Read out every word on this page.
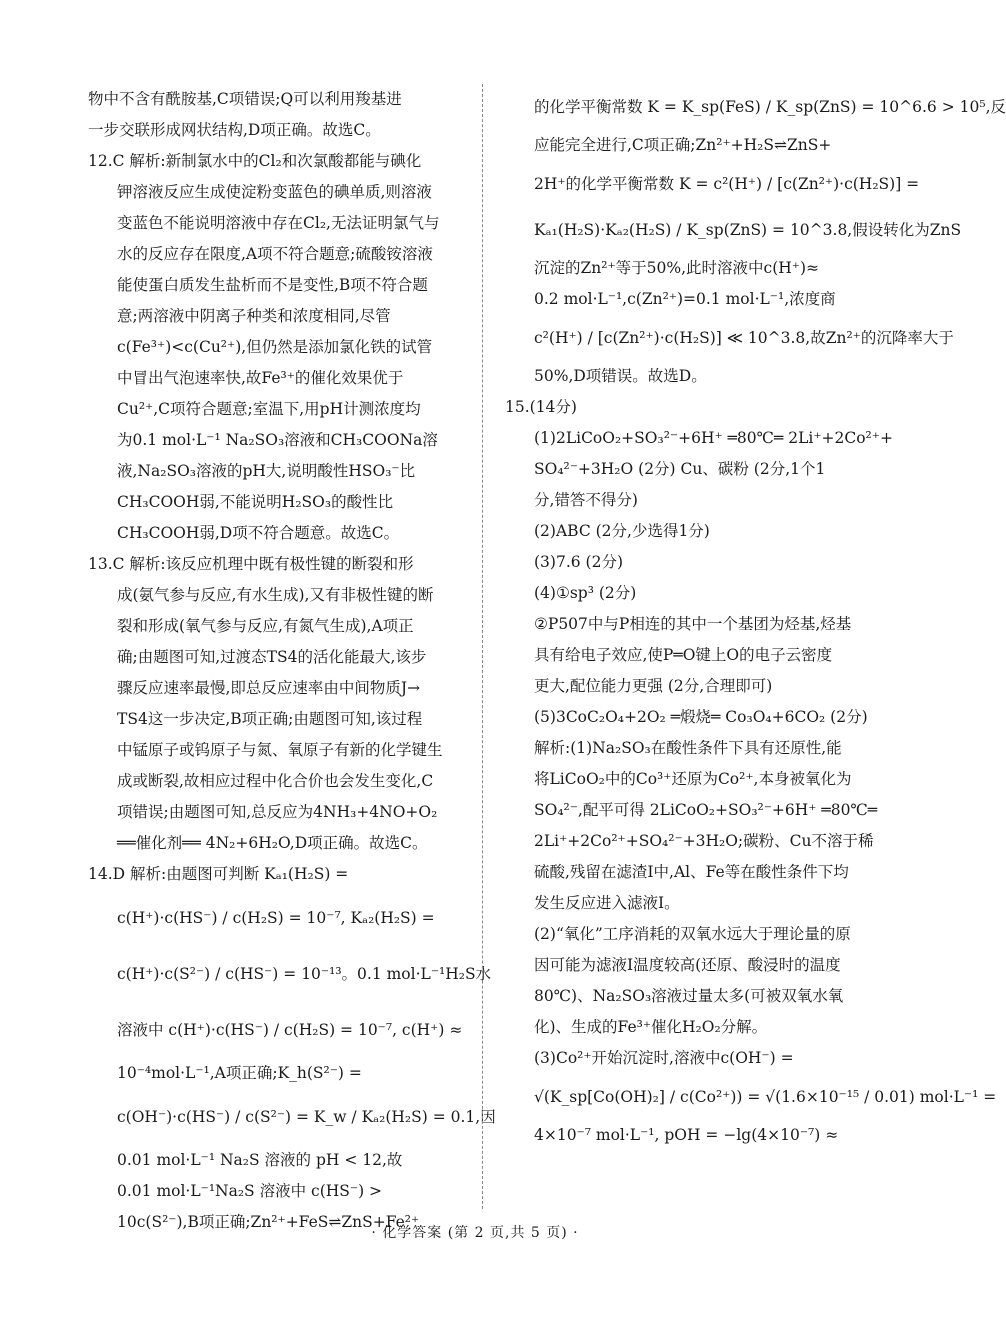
物中不含有酰胺基,C项错误;Q可以利用羧基进
一步交联形成网状结构,D项正确。故选C。
12.C 解析:新制氯水中的Cl₂和次氯酸都能与碘化
钾溶液反应生成使淀粉变蓝色的碘单质,则溶液
变蓝色不能说明溶液中存在Cl₂,无法证明氯气与
水的反应存在限度,A项不符合题意;硫酸铵溶液
能使蛋白质发生盐析而不是变性,B项不符合题
意;两溶液中阴离子种类和浓度相同,尽管
c(Fe³⁺)<c(Cu²⁺),但仍然是添加氯化铁的试管
中冒出气泡速率快,故Fe³⁺的催化效果优于
Cu²⁺,C项符合题意;室温下,用pH计测浓度均
为0.1 mol·L⁻¹ Na₂SO₃溶液和CH₃COONa溶
液,Na₂SO₃溶液的pH大,说明酸性HSO₃⁻比
CH₃COOH弱,不能说明H₂SO₃的酸性比
CH₃COOH弱,D项不符合题意。故选C。
13.C 解析:该反应机理中既有极性键的断裂和形
成(氨气参与反应,有水生成),又有非极性键的断
裂和形成(氧气参与反应,有氮气生成),A项正
确;由题图可知,过渡态TS4的活化能最大,该步
骤反应速率最慢,即总反应速率由中间物质J→
TS4这一步决定,B项正确;由题图可知,该过程
中锰原子或钨原子与氮、氧原子有新的化学键生
成或断裂,故相应过程中化合价也会发生变化,C
项错误;由题图可知,总反应为4NH₃+4NO+O₂
══催化剂══ 4N₂+6H₂O,D项正确。故选C。
14.D 解析:由题图可判断 Kₐ₁(H₂S) =
c(H⁺)·c(HS⁻) / c(H₂S) = 10⁻⁷, Kₐ₂(H₂S) =
c(H⁺)·c(S²⁻) / c(HS⁻) = 10⁻¹³。0.1 mol·L⁻¹H₂S水
溶液中 c(H⁺)·c(HS⁻) / c(H₂S) = 10⁻⁷, c(H⁺) ≈
10⁻⁴mol·L⁻¹,A项正确;K_h(S²⁻) =
c(OH⁻)·c(HS⁻) / c(S²⁻) = K_w / Kₐ₂(H₂S) = 0.1,因
0.01 mol·L⁻¹ Na₂S 溶液的 pH < 12,故
0.01 mol·L⁻¹Na₂S 溶液中 c(HS⁻) >
10c(S²⁻),B项正确;Zn²⁺+FeS⇌ZnS+Fe²⁺
的化学平衡常数 K = K_sp(FeS) / K_sp(ZnS) = 10^6.6 > 10⁵,反
应能完全进行,C项正确;Zn²⁺+H₂S⇌ZnS+
2H⁺的化学平衡常数 K = c²(H⁺) / [c(Zn²⁺)·c(H₂S)] =
Kₐ₁(H₂S)·Kₐ₂(H₂S) / K_sp(ZnS) = 10^3.8,假设转化为ZnS
沉淀的Zn²⁺等于50%,此时溶液中c(H⁺)≈
0.2 mol·L⁻¹,c(Zn²⁺)=0.1 mol·L⁻¹,浓度商
c²(H⁺) / [c(Zn²⁺)·c(H₂S)] ≪ 10^3.8,故Zn²⁺的沉降率大于
50%,D项错误。故选D。
15.(14分)
(1)2LiCoO₂+SO₃²⁻+6H⁺ ═80℃═ 2Li⁺+2Co²⁺+
SO₄²⁻+3H₂O (2分) Cu、碳粉 (2分,1个1
分,错答不得分)
(2)ABC (2分,少选得1分)
(3)7.6 (2分)
(4)①sp³ (2分)
②P507中与P相连的其中一个基团为烃基,烃基
具有给电子效应,使P═O键上O的电子云密度
更大,配位能力更强 (2分,合理即可)
(5)3CoC₂O₄+2O₂ ═煅烧═ Co₃O₄+6CO₂ (2分)
解析:(1)Na₂SO₃在酸性条件下具有还原性,能
将LiCoO₂中的Co³⁺还原为Co²⁺,本身被氧化为
SO₄²⁻,配平可得 2LiCoO₂+SO₃²⁻+6H⁺ ═80℃═
2Li⁺+2Co²⁺+SO₄²⁻+3H₂O;碳粉、Cu不溶于稀
硫酸,残留在滤渣Ⅰ中,Al、Fe等在酸性条件下均
发生反应进入滤液Ⅰ。
(2)“氧化”工序消耗的双氧水远大于理论量的原
因可能为滤液Ⅰ温度较高(还原、酸浸时的温度
80℃)、Na₂SO₃溶液过量太多(可被双氧水氧
化)、生成的Fe³⁺催化H₂O₂分解。
(3)Co²⁺开始沉淀时,溶液中c(OH⁻) =
√(K_sp[Co(OH)₂] / c(Co²⁺)) = √(1.6×10⁻¹⁵ / 0.01) mol·L⁻¹ =
4×10⁻⁷ mol·L⁻¹, pOH = −lg(4×10⁻⁷) ≈
· 化学答案 (第 2 页,共 5 页) ·
